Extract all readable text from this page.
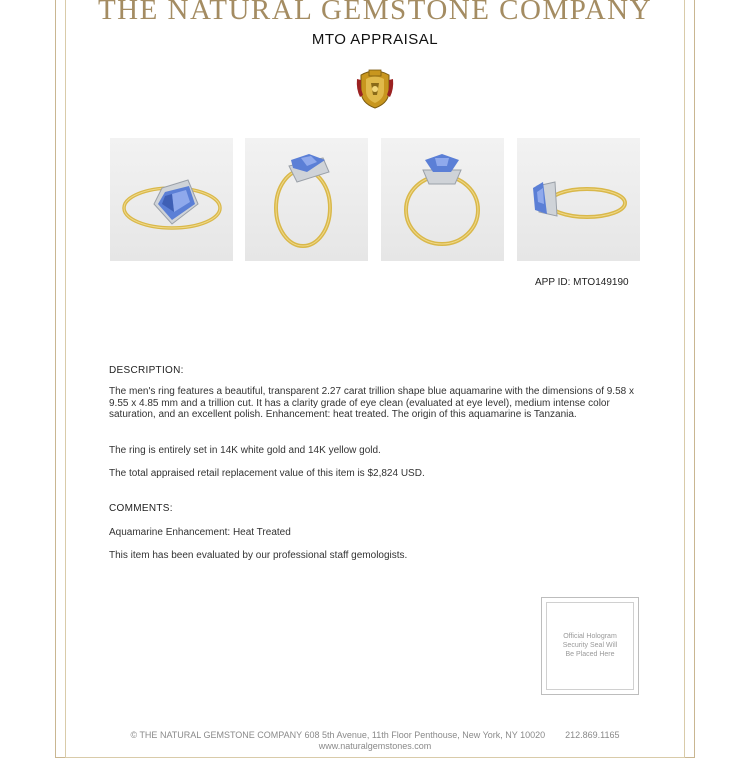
THE NATURAL GEMSTONE COMPANY
MTO APPRAISAL
APP ID: MTO149190
DESCRIPTION:
The men's ring features a beautiful, transparent 2.27 carat trillion shape blue aquamarine with the dimensions of 9.58 x 9.55 x 4.85 mm and a trillion cut. It has a clarity grade of eye clean (evaluated at eye level), medium intense color saturation, and an excellent polish. Enhancement: heat treated. The origin of this aquamarine is Tanzania.
The ring is entirely set in 14K white gold and 14K yellow gold.
The total appraised retail replacement value of this item is $2,824 USD.
COMMENTS:
Aquamarine Enhancement: Heat Treated
This item has been evaluated by our professional staff gemologists.
Official Hologram
Security Seal Will
Be Placed Here
© THE NATURAL GEMSTONE COMPANY 608 5th Avenue, 11th Floor Penthouse, New York, NY 10020 212.869.1165
www.naturalgemstones.com
